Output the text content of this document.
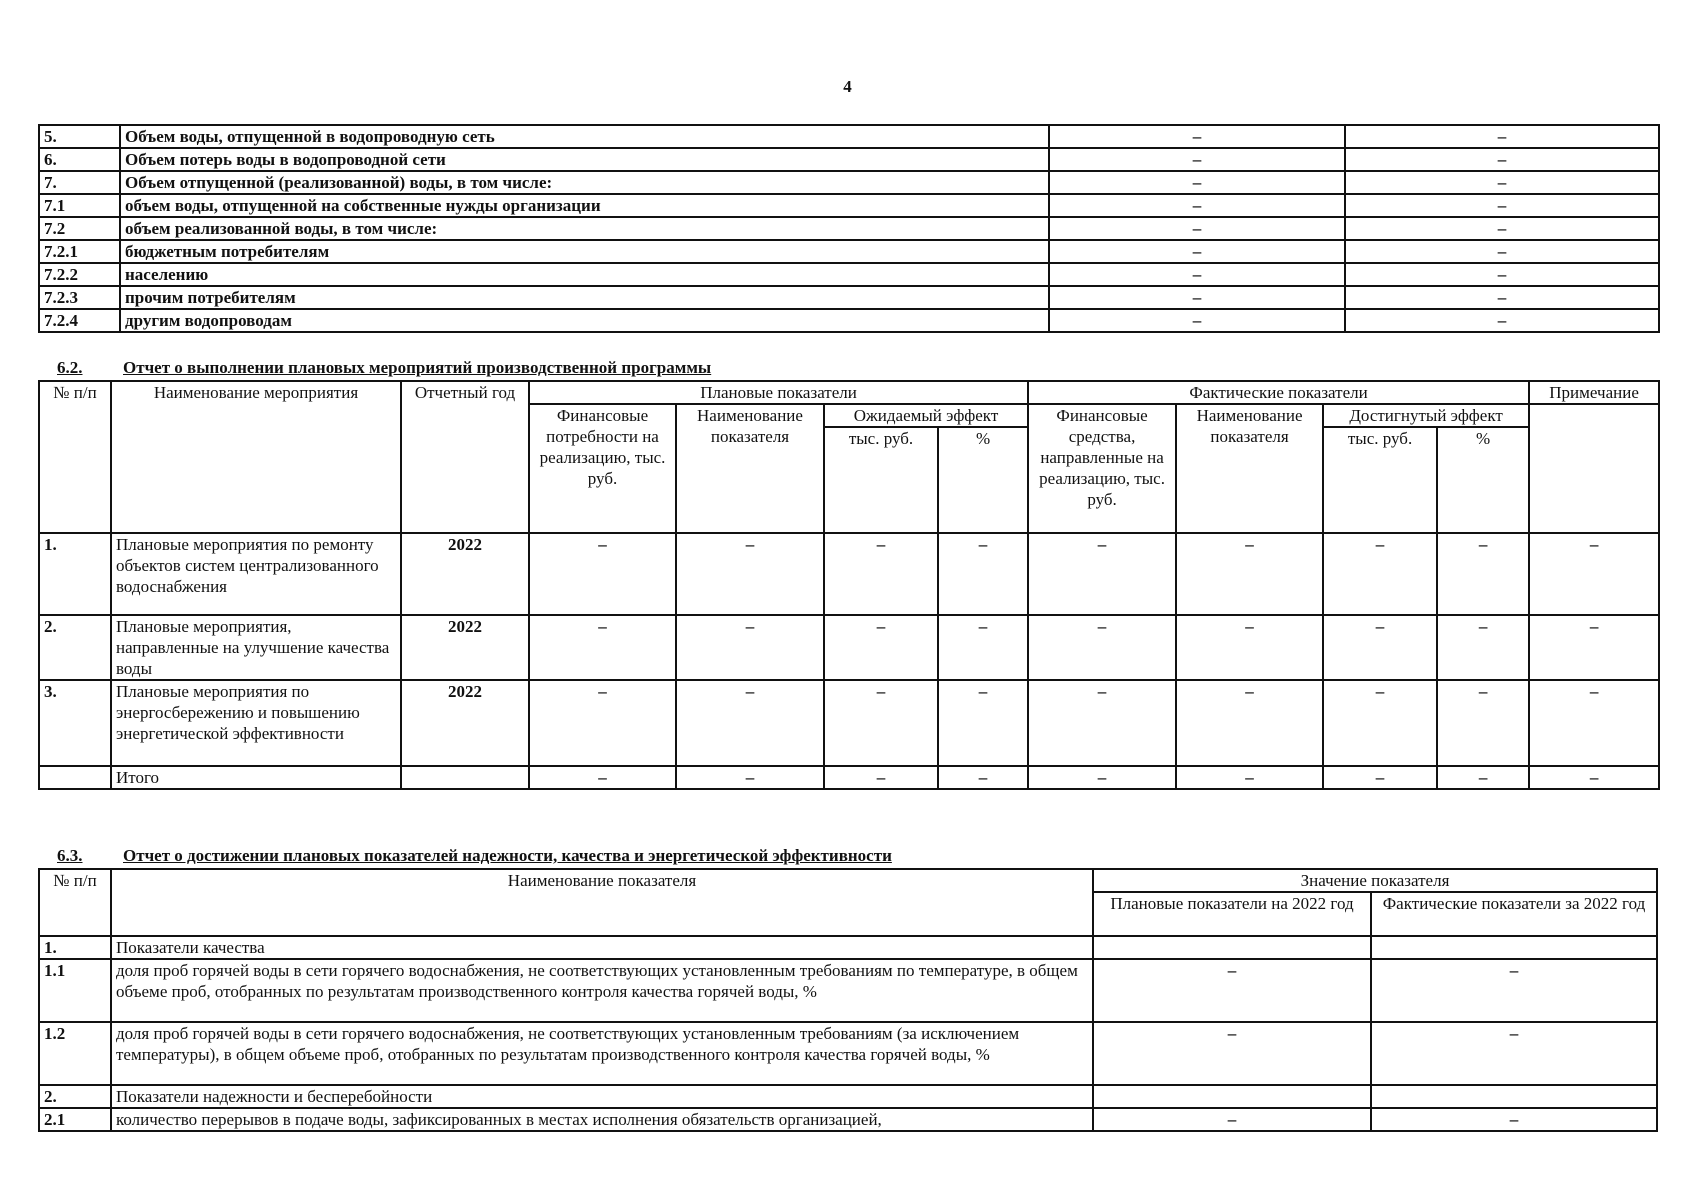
4
5.	Объем воды, отпущенной в водопроводную сеть	–	–
6.	Объем потерь воды в водопроводной сети	–	–
7.	Объем отпущенной (реализованной) воды, в том числе:	–	–
7.1	объем воды, отпущенной на собственные нужды организации	–	–
7.2	объем реализованной воды, в том числе:	–	–
7.2.1	бюджетным потребителям	–	–
7.2.2	населению	–	–
7.2.3	прочим потребителям	–	–
7.2.4	другим водопроводам	–	–
6.2. Отчет о выполнении плановых мероприятий производственной программы
№ п/п	Наименование мероприятия	Отчетный год	Плановые показатели				Фактические показатели				Примечание
			Финансовые потребности на реализацию, тыс. руб.	Наименование показателя	Ожидаемый эффект		Финансовые средства, направленные на реализацию, тыс. руб.	Наименование показателя	Достигнутый эффект		
					тыс. руб.	%			тыс. руб.	%	
1.	Плановые мероприятия по ремонту объектов систем централизованного водоснабжения	2022	–	–	–	–	–	–	–	–	–
2.	Плановые мероприятия, направленные на улучшение качества воды	2022	–	–	–	–	–	–	–	–	–
3.	Плановые мероприятия по энергосбережению и повышению энергетической эффективности	2022	–	–	–	–	–	–	–	–	–
	Итого		–	–	–	–	–	–	–	–	–
6.3. Отчет о достижении плановых показателей надежности, качества и энергетической эффективности
№ п/п	Наименование показателя	Значение показателя	
		Плановые показатели на 2022 год	Фактические показатели за 2022 год
1.	Показатели качества		
1.1	доля проб горячей воды в сети горячего водоснабжения, не соответствующих установленным требованиям по температуре, в общем объеме проб, отобранных по результатам производственного контроля качества горячей воды, %	–	–
1.2	доля проб горячей воды в сети горячего водоснабжения, не соответствующих установленным требованиям (за исключением температуры), в общем объеме проб, отобранных по результатам производственного контроля качества горячей воды, %	–	–
2.	Показатели надежности и бесперебойности		
2.1	количество перерывов в подаче воды, зафиксированных в местах исполнения обязательств организацией,	–	–
